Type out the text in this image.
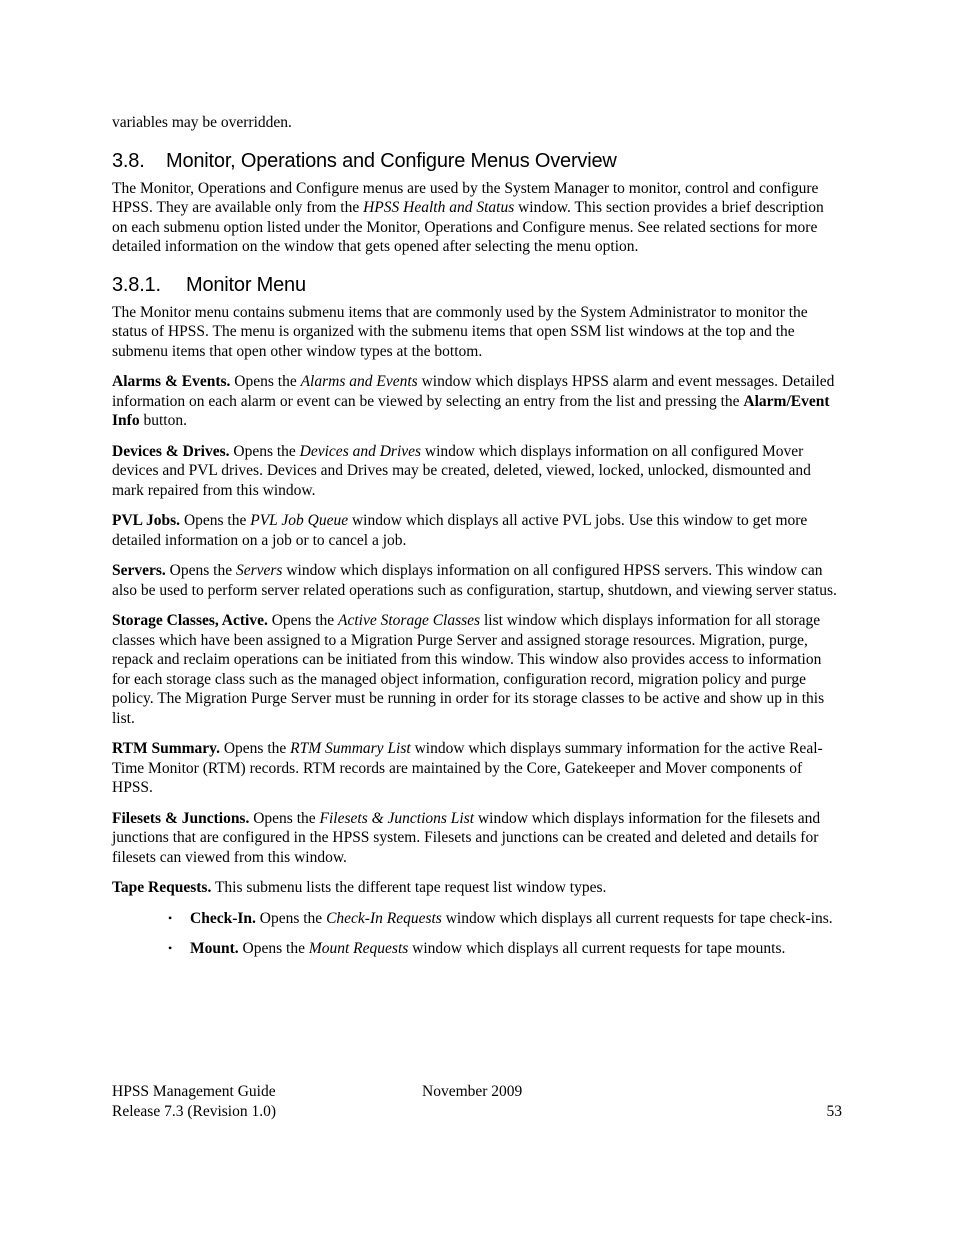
variables may be overridden.

3.8. Monitor, Operations and Configure Menus Overview

The Monitor, Operations and Configure menus are used by the System Manager to monitor, control and configure HPSS. They are available only from the HPSS Health and Status window. This section provides a brief description on each submenu option listed under the Monitor, Operations and Configure menus. See related sections for more detailed information on the window that gets opened after selecting the menu option.

3.8.1. Monitor Menu

The Monitor menu contains submenu items that are commonly used by the System Administrator to monitor the status of HPSS. The menu is organized with the submenu items that open SSM list windows at the top and the submenu items that open other window types at the bottom.

Alarms & Events. Opens the Alarms and Events window which displays HPSS alarm and event messages. Detailed information on each alarm or event can be viewed by selecting an entry from the list and pressing the Alarm/Event Info button.

Devices & Drives. Opens the Devices and Drives window which displays information on all configured Mover devices and PVL drives. Devices and Drives may be created, deleted, viewed, locked, unlocked, dismounted and mark repaired from this window.

PVL Jobs. Opens the PVL Job Queue window which displays all active PVL jobs. Use this window to get more detailed information on a job or to cancel a job.

Servers. Opens the Servers window which displays information on all configured HPSS servers. This window can also be used to perform server related operations such as configuration, startup, shutdown, and viewing server status.

Storage Classes, Active. Opens the Active Storage Classes list window which displays information for all storage classes which have been assigned to a Migration Purge Server and assigned storage resources. Migration, purge, repack and reclaim operations can be initiated from this window. This window also provides access to information for each storage class such as the managed object information, configuration record, migration policy and purge policy. The Migration Purge Server must be running in order for its storage classes to be active and show up in this list.

RTM Summary. Opens the RTM Summary List window which displays summary information for the active Real-Time Monitor (RTM) records. RTM records are maintained by the Core, Gatekeeper and Mover components of HPSS.

Filesets & Junctions. Opens the Filesets & Junctions List window which displays information for the filesets and junctions that are configured in the HPSS system. Filesets and junctions can be created and deleted and details for filesets can viewed from this window.

Tape Requests. This submenu lists the different tape request list window types.

• Check-In. Opens the Check-In Requests window which displays all current requests for tape check-ins.
• Mount. Opens the Mount Requests window which displays all current requests for tape mounts.
HPSS Management Guide	November 2009
Release 7.3 (Revision 1.0)	53
